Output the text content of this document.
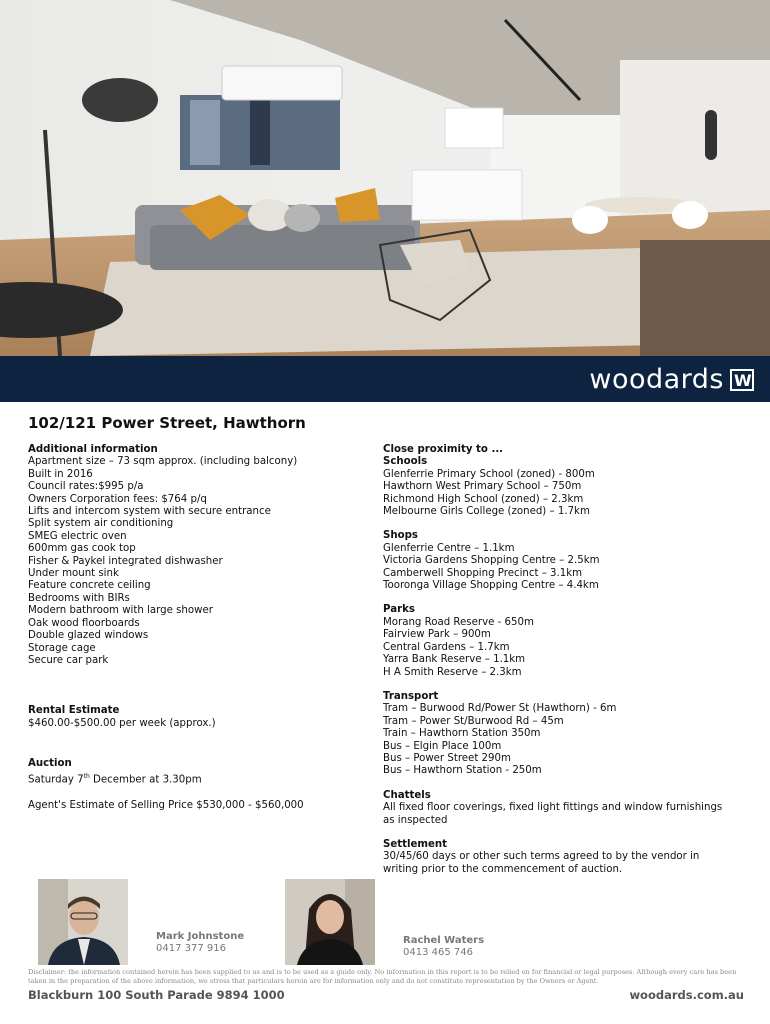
woodards W
102/121 Power Street, Hawthorn
Additional information
Apartment size – 73 sqm approx. (including balcony)
Built in 2016
Council rates:$995 p/a
Owners Corporation fees: $764 p/q
Lifts and intercom system with secure entrance
Split system air conditioning
SMEG electric oven
600mm gas cook top
Fisher & Paykel integrated dishwasher
Under mount sink
Feature concrete ceiling
Bedrooms with BIRs
Modern bathroom with large shower
Oak wood floorboards
Double glazed windows
Storage cage
Secure car park
Rental Estimate
$460.00-$500.00 per week (approx.)
Auction
Saturday 7th December at 3.30pm
Agent's Estimate of Selling Price $530,000 - $560,000
Close proximity to ...
Schools
Glenferrie Primary School (zoned) - 800m
Hawthorn West Primary School – 750m
Richmond High School (zoned) – 2.3km
Melbourne Girls College (zoned) – 1.7km
Shops
Glenferrie Centre – 1.1km
Victoria Gardens Shopping Centre – 2.5km
Camberwell Shopping Precinct – 3.1km
Tooronga Village Shopping Centre – 4.4km
Parks
Morang Road Reserve - 650m
Fairview Park – 900m
Central Gardens – 1.7km
Yarra Bank Reserve – 1.1km
H A Smith Reserve – 2.3km
Transport
Tram – Burwood Rd/Power St (Hawthorn) - 6m
Tram – Power St/Burwood Rd – 45m
Train – Hawthorn Station 350m
Bus – Elgin Place 100m
Bus – Power Street 290m
Bus – Hawthorn Station - 250m
Chattels
All fixed floor coverings, fixed light fittings and window furnishings as inspected
Settlement
30/45/60 days or other such terms agreed to by the vendor in writing prior to the commencement of auction.
Mark Johnstone
0417 377 916
Rachel Waters
0413 465 746
Disclaimer: the information contained herein has been supplied to us and is to be used as a guide only. No information in this report is to be relied on for financial or legal purposes. Although every care has been taken in the preparation of the above information, we stress that particulars herein are for information only and do not constitute representation by the Owners or Agent.
Blackburn 100 South Parade 9894 1000	woodards.com.au
